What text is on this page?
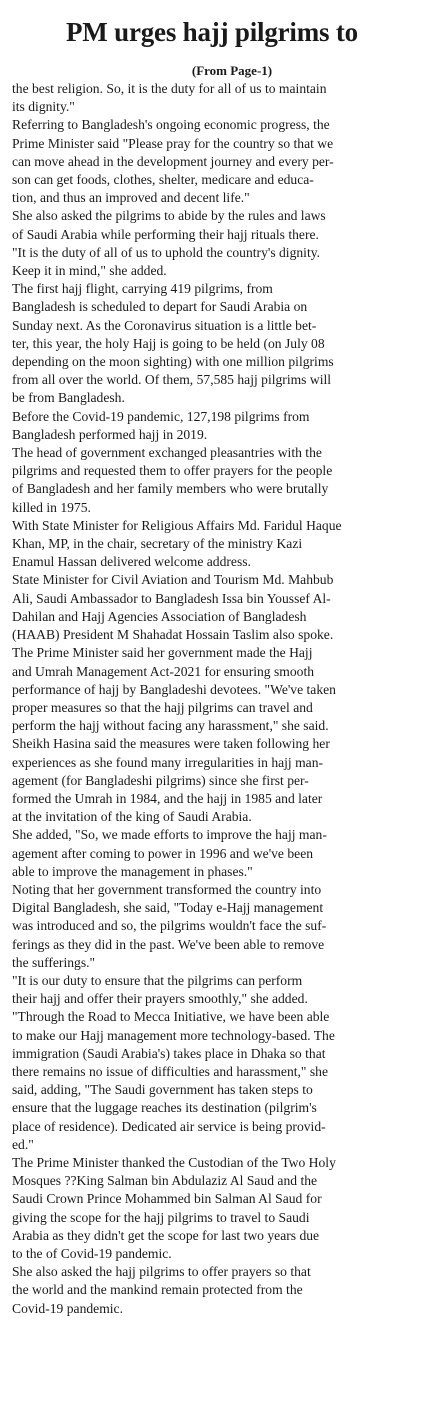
PM urges hajj pilgrims to
(From Page-1)

the best religion. So, it is the duty for all of us to maintain
its dignity."

Referring to Bangladesh's ongoing economic progress, the
Prime Minister said "Please pray for the country so that we
can move ahead in the development journey and every per-
son can get foods, clothes, shelter, medicare and educa-
tion, and thus an improved and decent life."

She also asked the pilgrims to abide by the rules and laws
of Saudi Arabia while performing their hajj rituals there.

"It is the duty of all of us to uphold the country's dignity.
Keep it in mind," she added.

The first hajj flight, carrying 419 pilgrims, from
Bangladesh is scheduled to depart for Saudi Arabia on
Sunday next. As the Coronavirus situation is a little bet-
ter, this year, the holy Hajj is going to be held (on July 08
depending on the moon sighting) with one million pilgrims
from all over the world. Of them, 57,585 hajj pilgrims will
be from Bangladesh.

Before the Covid-19 pandemic, 127,198 pilgrims from
Bangladesh performed hajj in 2019.

The head of government exchanged pleasantries with the
pilgrims and requested them to offer prayers for the people
of Bangladesh and her family members who were brutally
killed in 1975.

With State Minister for Religious Affairs Md. Faridul Haque
Khan, MP, in the chair, secretary of the ministry Kazi
Enamul Hassan delivered welcome address.

State Minister for Civil Aviation and Tourism Md. Mahbub
Ali, Saudi Ambassador to Bangladesh Issa bin Youssef Al-
Dahilan and Hajj Agencies Association of Bangladesh
(HAAB) President M Shahadat Hossain Taslim also spoke.

The Prime Minister said her government made the Hajj
and Umrah Management Act-2021 for ensuring smooth
performance of hajj by Bangladeshi devotees. "We've taken
proper measures so that the hajj pilgrims can travel and
perform the hajj without facing any harassment," she said.

Sheikh Hasina said the measures were taken following her
experiences as she found many irregularities in hajj man-
agement (for Bangladeshi pilgrims) since she first per-
formed the Umrah in 1984, and the hajj in 1985 and later
at the invitation of the king of Saudi Arabia.

She added, "So, we made efforts to improve the hajj man-
agement after coming to power in 1996 and we've been
able to improve the management in phases."

Noting that her government transformed the country into
Digital Bangladesh, she said, "Today e-Hajj management
was introduced and so, the pilgrims wouldn't face the suf-
ferings as they did in the past. We've been able to remove
the sufferings."

"It is our duty to ensure that the pilgrims can perform
their hajj and offer their prayers smoothly," she added.

"Through the Road to Mecca Initiative, we have been able
to make our Hajj management more technology-based. The
immigration (Saudi Arabia's) takes place in Dhaka so that
there remains no issue of difficulties and harassment," she
said, adding, "The Saudi government has taken steps to
ensure that the luggage reaches its destination (pilgrim's
place of residence). Dedicated air service is being provid-
ed."

The Prime Minister thanked the Custodian of the Two Holy
Mosques ??King Salman bin Abdulaziz Al Saud and the
Saudi Crown Prince Mohammed bin Salman Al Saud for
giving the scope for the hajj pilgrims to travel to Saudi
Arabia as they didn't get the scope for last two years due
to the of Covid-19 pandemic.

She also asked the hajj pilgrims to offer prayers so that
the world and the mankind remain protected from the
Covid-19 pandemic.
